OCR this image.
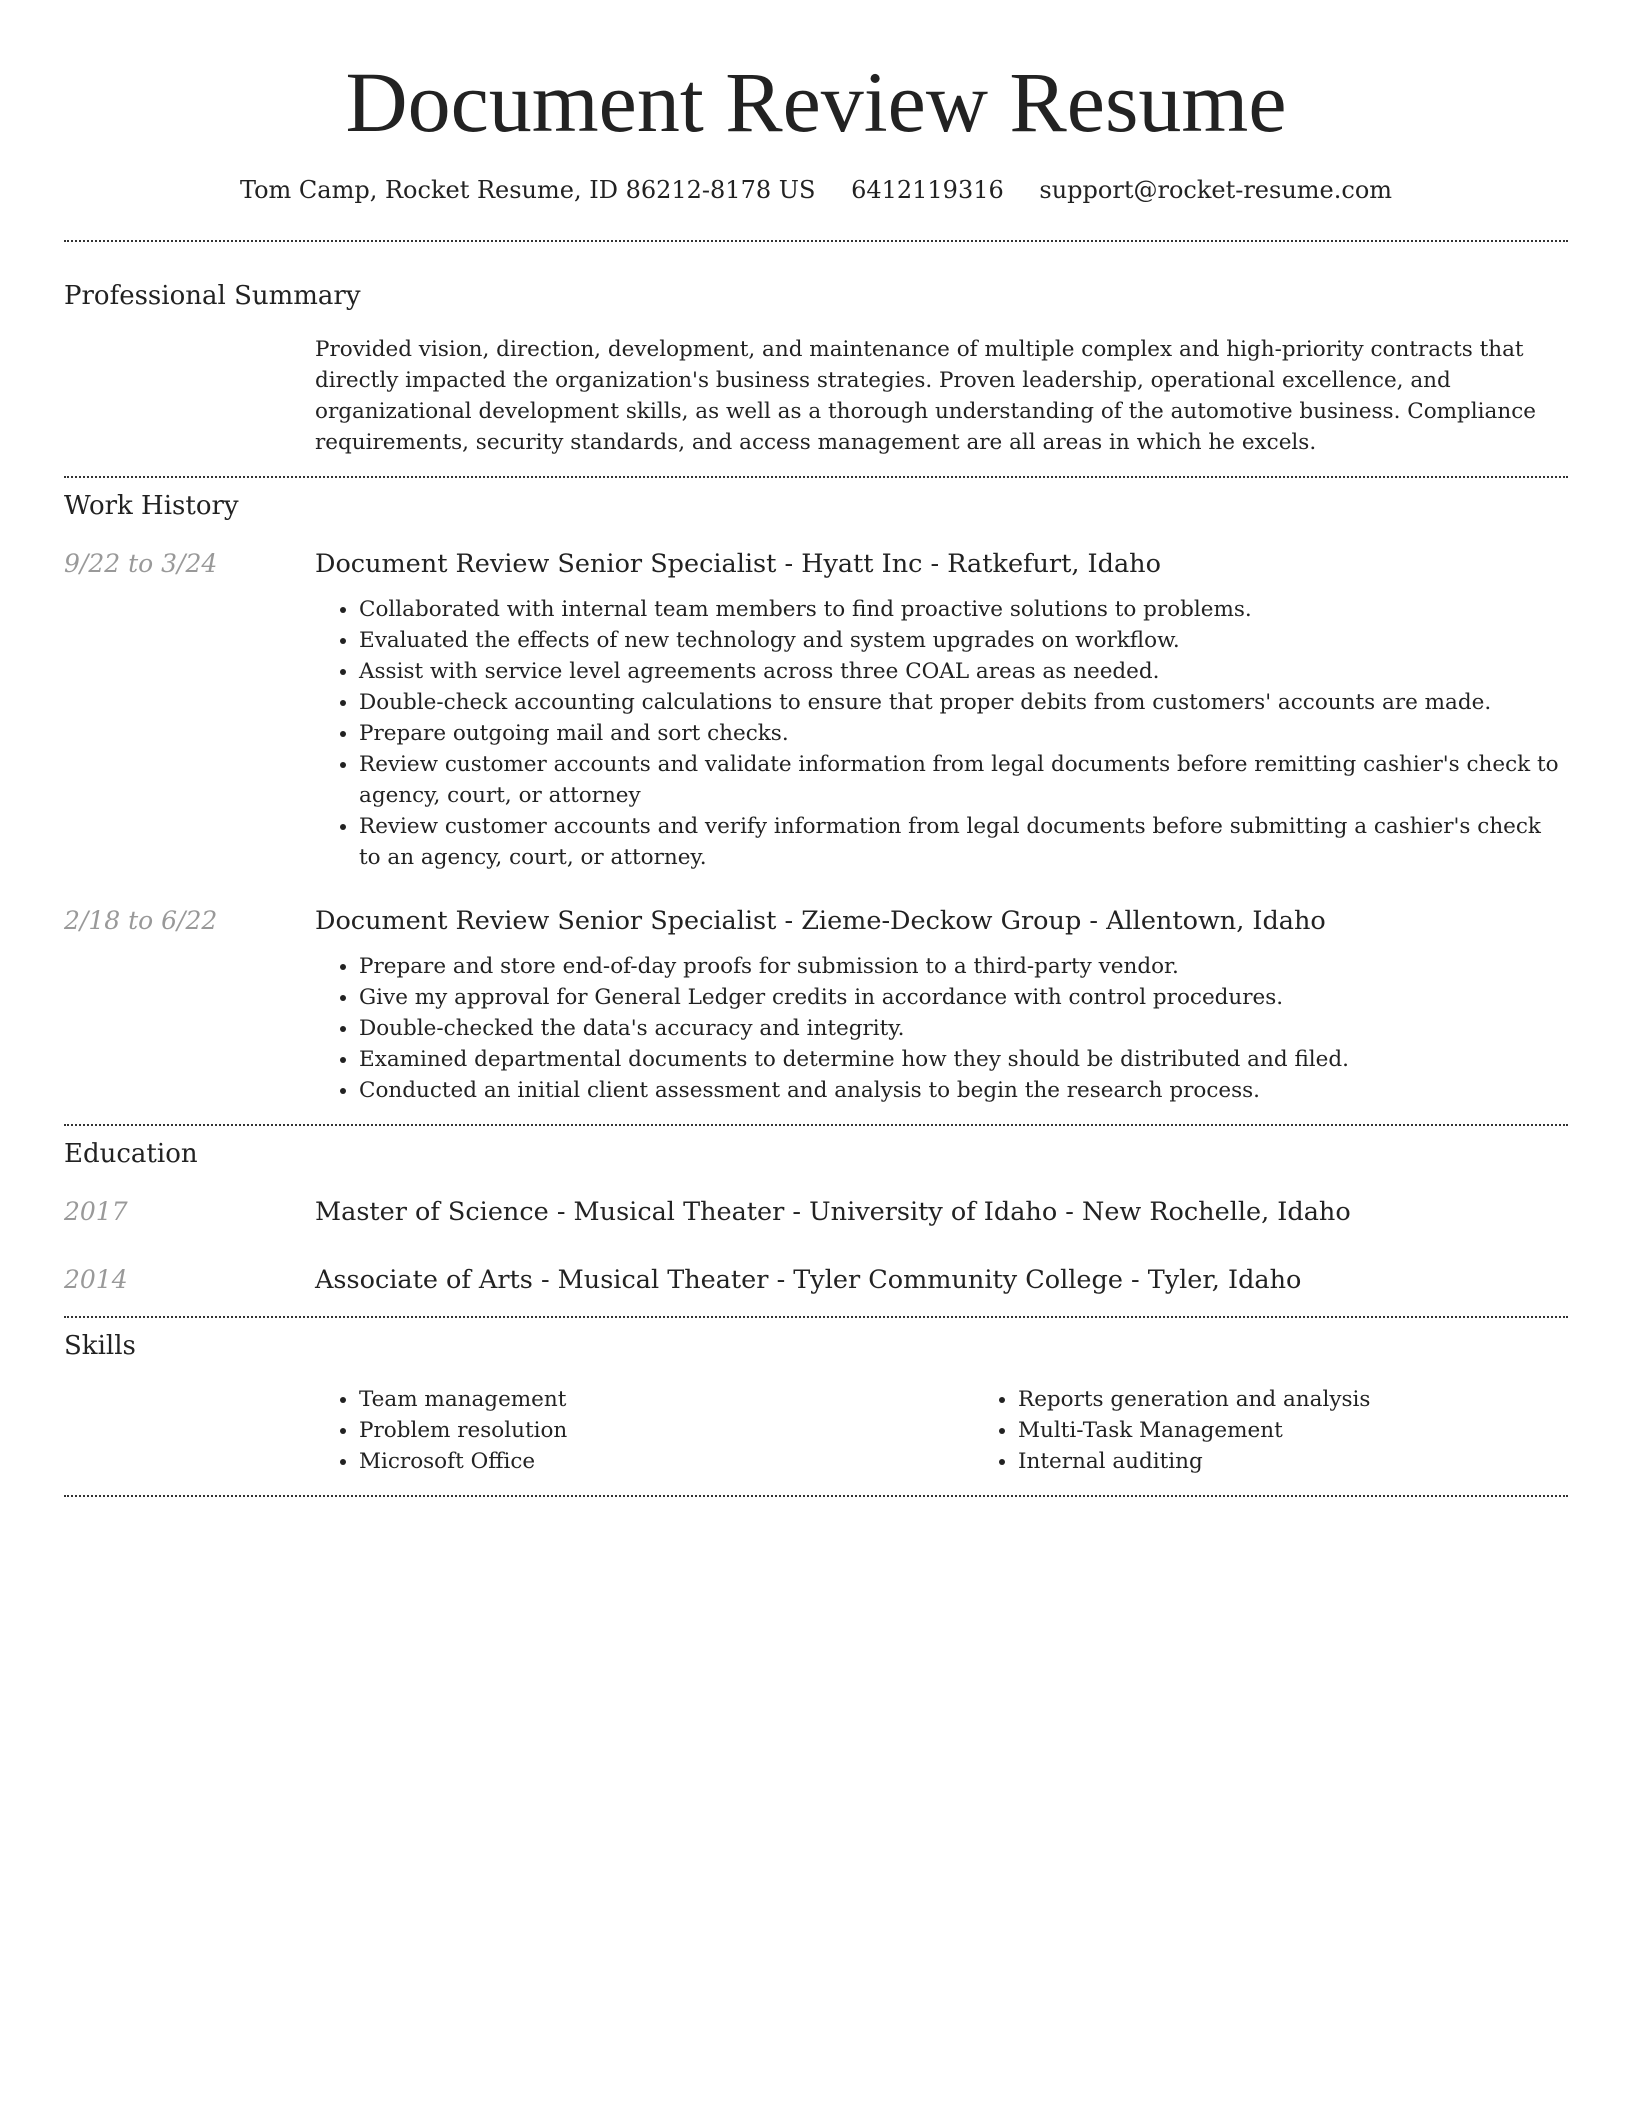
Document Review Resume
Tom Camp, Rocket Resume, ID 86212-8178 US 6412119316 support@rocket-resume.com
Professional Summary

Provided vision, direction, development, and maintenance of multiple complex and high-priority contracts that directly impacted the organization's business strategies. Proven leadership, operational excellence, and organizational development skills, as well as a thorough understanding of the automotive business. Compliance requirements, security standards, and access management are all areas in which he excels.

Work History
9/22 to 3/24	Document Review Senior Specialist - Hyatt Inc - Ratkefurt, Idaho
• Collaborated with internal team members to find proactive solutions to problems.
• Evaluated the effects of new technology and system upgrades on workflow.
• Assist with service level agreements across three COAL areas as needed.
• Double-check accounting calculations to ensure that proper debits from customers' accounts are made.
• Prepare outgoing mail and sort checks.
• Review customer accounts and validate information from legal documents before remitting cashier's check to agency, court, or attorney
• Review customer accounts and verify information from legal documents before submitting a cashier's check to an agency, court, or attorney.
2/18 to 6/22	Document Review Senior Specialist - Zieme-Deckow Group - Allentown, Idaho
• Prepare and store end-of-day proofs for submission to a third-party vendor.
• Give my approval for General Ledger credits in accordance with control procedures.
• Double-checked the data's accuracy and integrity.
• Examined departmental documents to determine how they should be distributed and filed.
• Conducted an initial client assessment and analysis to begin the research process.
Education
2017	Master of Science - Musical Theater - University of Idaho - New Rochelle, Idaho
2014	Associate of Arts - Musical Theater - Tyler Community College - Tyler, Idaho
Skills
• Team management
• Problem resolution
• Microsoft Office
• Reports generation and analysis
• Multi-Task Management
• Internal auditing
